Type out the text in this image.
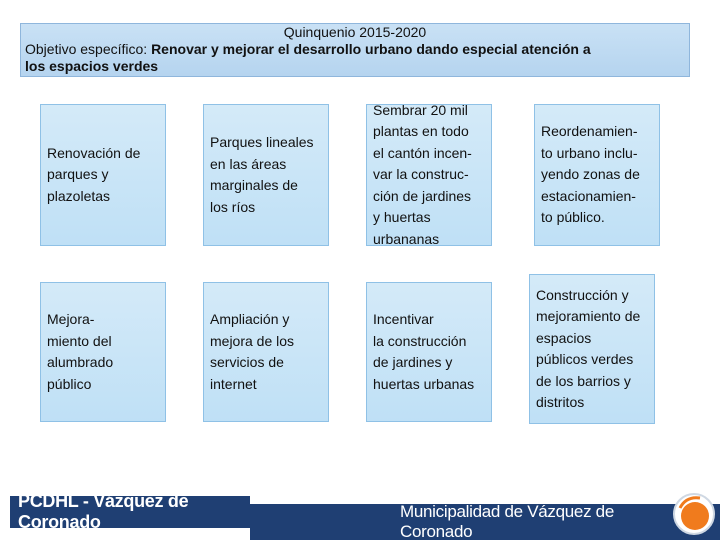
Quinquenio 2015-2020
Objetivo específico: Renovar y mejorar el desarrollo urbano dando especial atención a
los espacios verdes
Renovación de
parques y
plazoletas
Parques lineales
en las áreas
marginales de
los ríos
Sembrar 20 mil
plantas en todo
el cantón incen-
var la construc-
ción de jardines
y huertas
urbananas
Reordenamien-
to urbano inclu-
yendo zonas de
estacionamien-
to público.
Mejora-
miento del
alumbrado
público
Ampliación y
mejora de los
servicios de
internet
Incentivar
la construcción
de jardines y
huertas urbanas
Construcción y
mejoramiento de
espacios
públicos verdes
de los barrios y
distritos
PCDHL - Vázquez de Coronado
Municipalidad de Vázquez de Coronado
